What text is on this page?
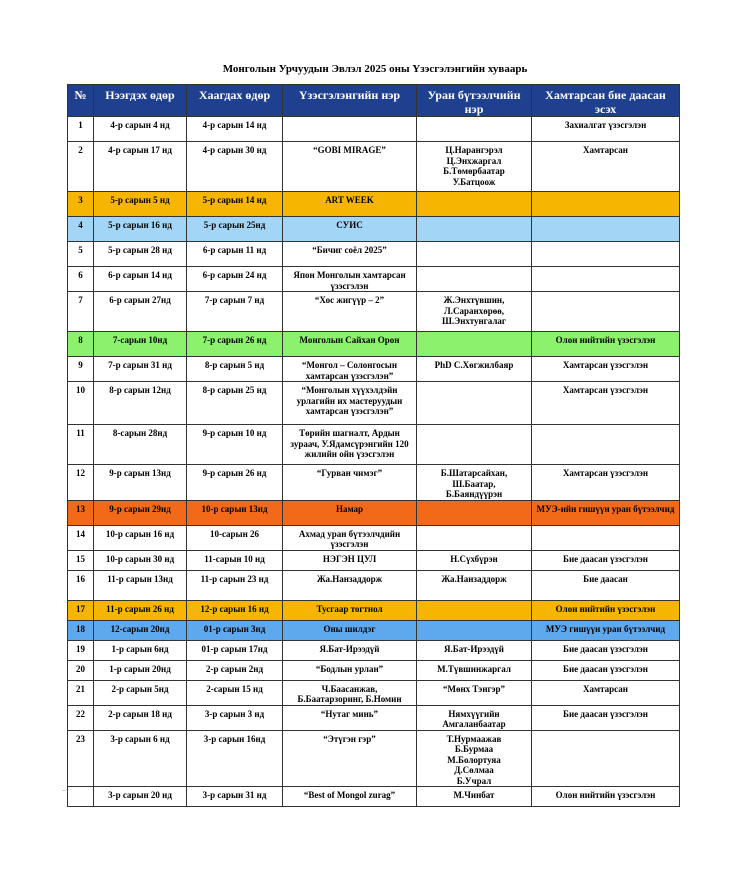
Монголын Урчуудын Эвлэл 2025 оны Үзэсгэлэнгийн хуваарь
№	Нээгдэх өдөр	Хаагдах өдөр	Үзэсгэлэнгийн нэр	Уран бүтээлчийн нэр	Хамтарсан бие даасан эсэх
1	4-р сарын 4 нд	4-р сарын 14 нд			Захиалгат үзэсгэлэн
2	4-р сарын 17 нд	4-р сарын 30 нд	“GOBI MIRAGE”	Ц.Нарангэрэл
Ц.Энхжаргал
Б.Төмөрбаатар
У.Батцоож	Хамтарсан
3	5-р сарын 5 нд	5-р сарын 14 нд	ART WEEK		
4	5-р сарын 16 нд	5-р сарын 25нд	СУИС		
5	5-р сарын 28 нд	6-р сарын 11 нд	“Бичиг соёл 2025”		
6	6-р сарын 14 нд	6-р сарын 24 нд	Япон Монголын хамтарсан үзэсгэлэн		
7	6-р сарын 27нд	7-р сарын 7 нд	“Хос жигүүр – 2”	Ж.Энхтүвшин,
Л.Саранхөрөө,
Ш.Энхтунгалаг	
8	7-сарын 10нд	7-р сарын 26 нд	Монголын Сайхан Орон		Олон нийтийн үзэсгэлэн
9	7-р сарын 31 нд	8-р сарын 5 нд	“Монгол – Солонгосын хамтарсан үзэсгэлэн”	PhD С.Хөгжилбаяр	Хамтарсан үзэсгэлэн
10	8-р сарын 12нд	8-р сарын 25 нд	“Монголын хүүхэлдэйн урлагийн их мастеруудын хамтарсан үзэсгэлэн”		Хамтарсан үзэсгэлэн
11	8-сарын 28нд	9-р сарын 10 нд	Төрийн шагналт, Ардын зураач, У.Ядамсүрэнгийн 120 жилийн ойн үзэсгэлэн		
12	9-р сарын 13нд	9-р сарын 26 нд	“Гурван чимэг”	Б.Шатарсайхан,
Ш.Баатар,
Б.Баяндүүрэн	Хамтарсан үзэсгэлэн
13	9-р сарын 29нд	10-р сарын 13нд	Намар		МУЭ-ийн гишүүн уран бүтээлчид
14	10-р сарын 16 нд	10-сарын 26	Ахмад уран бүтээлчдийн үзэсгэлэн		
15	10-р сарын 30 нд	11-сарын 10 нд	НЭГЭН ЦУЛ	Н.Сүхбүрэн	Бие даасан үзэсгэлэн
16	11-р сарын 13нд	11-р сарын 23 нд	Жа.Нанзаддорж	Жа.Нанзаддорж	Бие даасан
17	11-р сарын 26 нд	12-р сарын 16 нд	Тусгаар тогтнол		Олон нийтийн үзэсгэлэн
18	12-сарын 20нд	01-р сарын 3нд	Оны шилдэг		МУЭ гишүүн уран бүтээлчид
19	1-р сарын 6нд	01-р сарын 17нд	Я.Бат-Ирээдүй	Я.Бат-Ирээдүй	Бие даасан үзэсгэлэн
20	1-р сарын 20нд	2-р сарын 2нд	“Бодлын урлан”	М.Түвшинжаргал	Бие даасан үзэсгэлэн
21	2-р сарын 5нд	2-сарын 15 нд	Ч.Баасанжав,
Б.Баатарзоринг, Б.Номин	“Мөнх Тэнгэр”	Хамтарсан
22	2-р сарын 18 нд	3-р сарын 3 нд	“Нутаг минь”	Нямхүүгийн
Амгаланбаатар	Бие даасан үзэсгэлэн
23	3-р сарын 6 нд	3-р сарын 16нд	“Этүгэн гэр”	Т.Нурмаажав
Б.Бурмаа
М.Болортуяа
Д.Сөлмаа
Б.Учрал	
	3-р сарын 20 нд	3-р сарын 31 нд	“Best of Mongol zurag”	М.Чинбат	Олон нийтийн үзэсгэлэн
⁻ˈ
